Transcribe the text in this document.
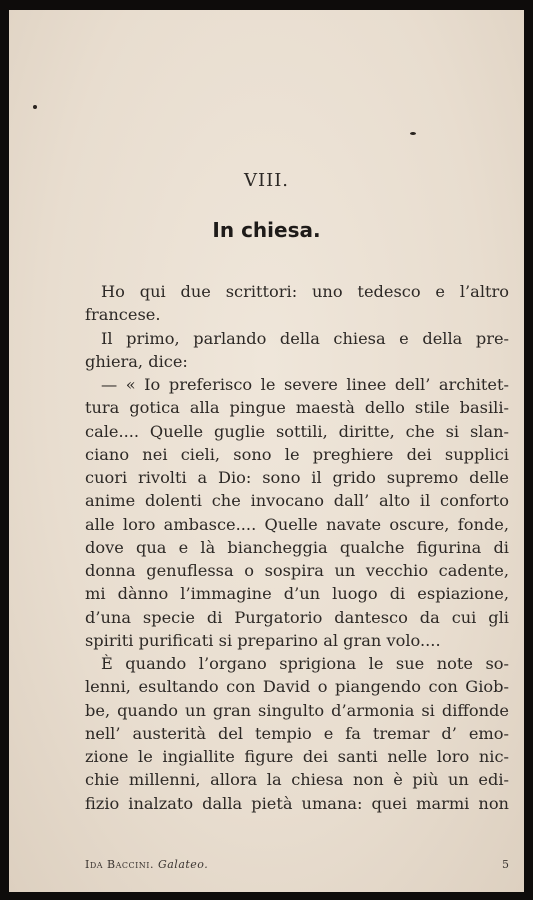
VIII.
In chiesa.
Ho qui due scrittori: uno tedesco e l’altro
francese.
Il primo, parlando della chiesa e della pre-
ghiera, dice:
— « Io preferisco le severe linee dell’ architet-
tura gotica alla pingue maestà dello stile basili-
cale.... Quelle guglie sottili, diritte, che si slan-
ciano nei cieli, sono le preghiere dei supplici
cuori rivolti a Dio: sono il grido supremo delle
anime dolenti che invocano dall’ alto il conforto
alle loro ambasce.... Quelle navate oscure, fonde,
dove qua e là biancheggia qualche figurina di
donna genuflessa o sospira un vecchio cadente,
mi dànno l’immagine d’un luogo di espiazione,
d’una specie di Purgatorio dantesco da cui gli
spiriti purificati si preparino al gran volo....
È quando l’organo sprigiona le sue note so-
lenni, esultando con David o piangendo con Giob-
be, quando un gran singulto d’armonia si diffonde
nell’ austerità del tempio e fa tremar d’ emo-
zione le ingiallite figure dei santi nelle loro nic-
chie millenni, allora la chiesa non è più un edi-
fizio inalzato dalla pietà umana: quei marmi non
Ida Baccini. Galateo.	5
